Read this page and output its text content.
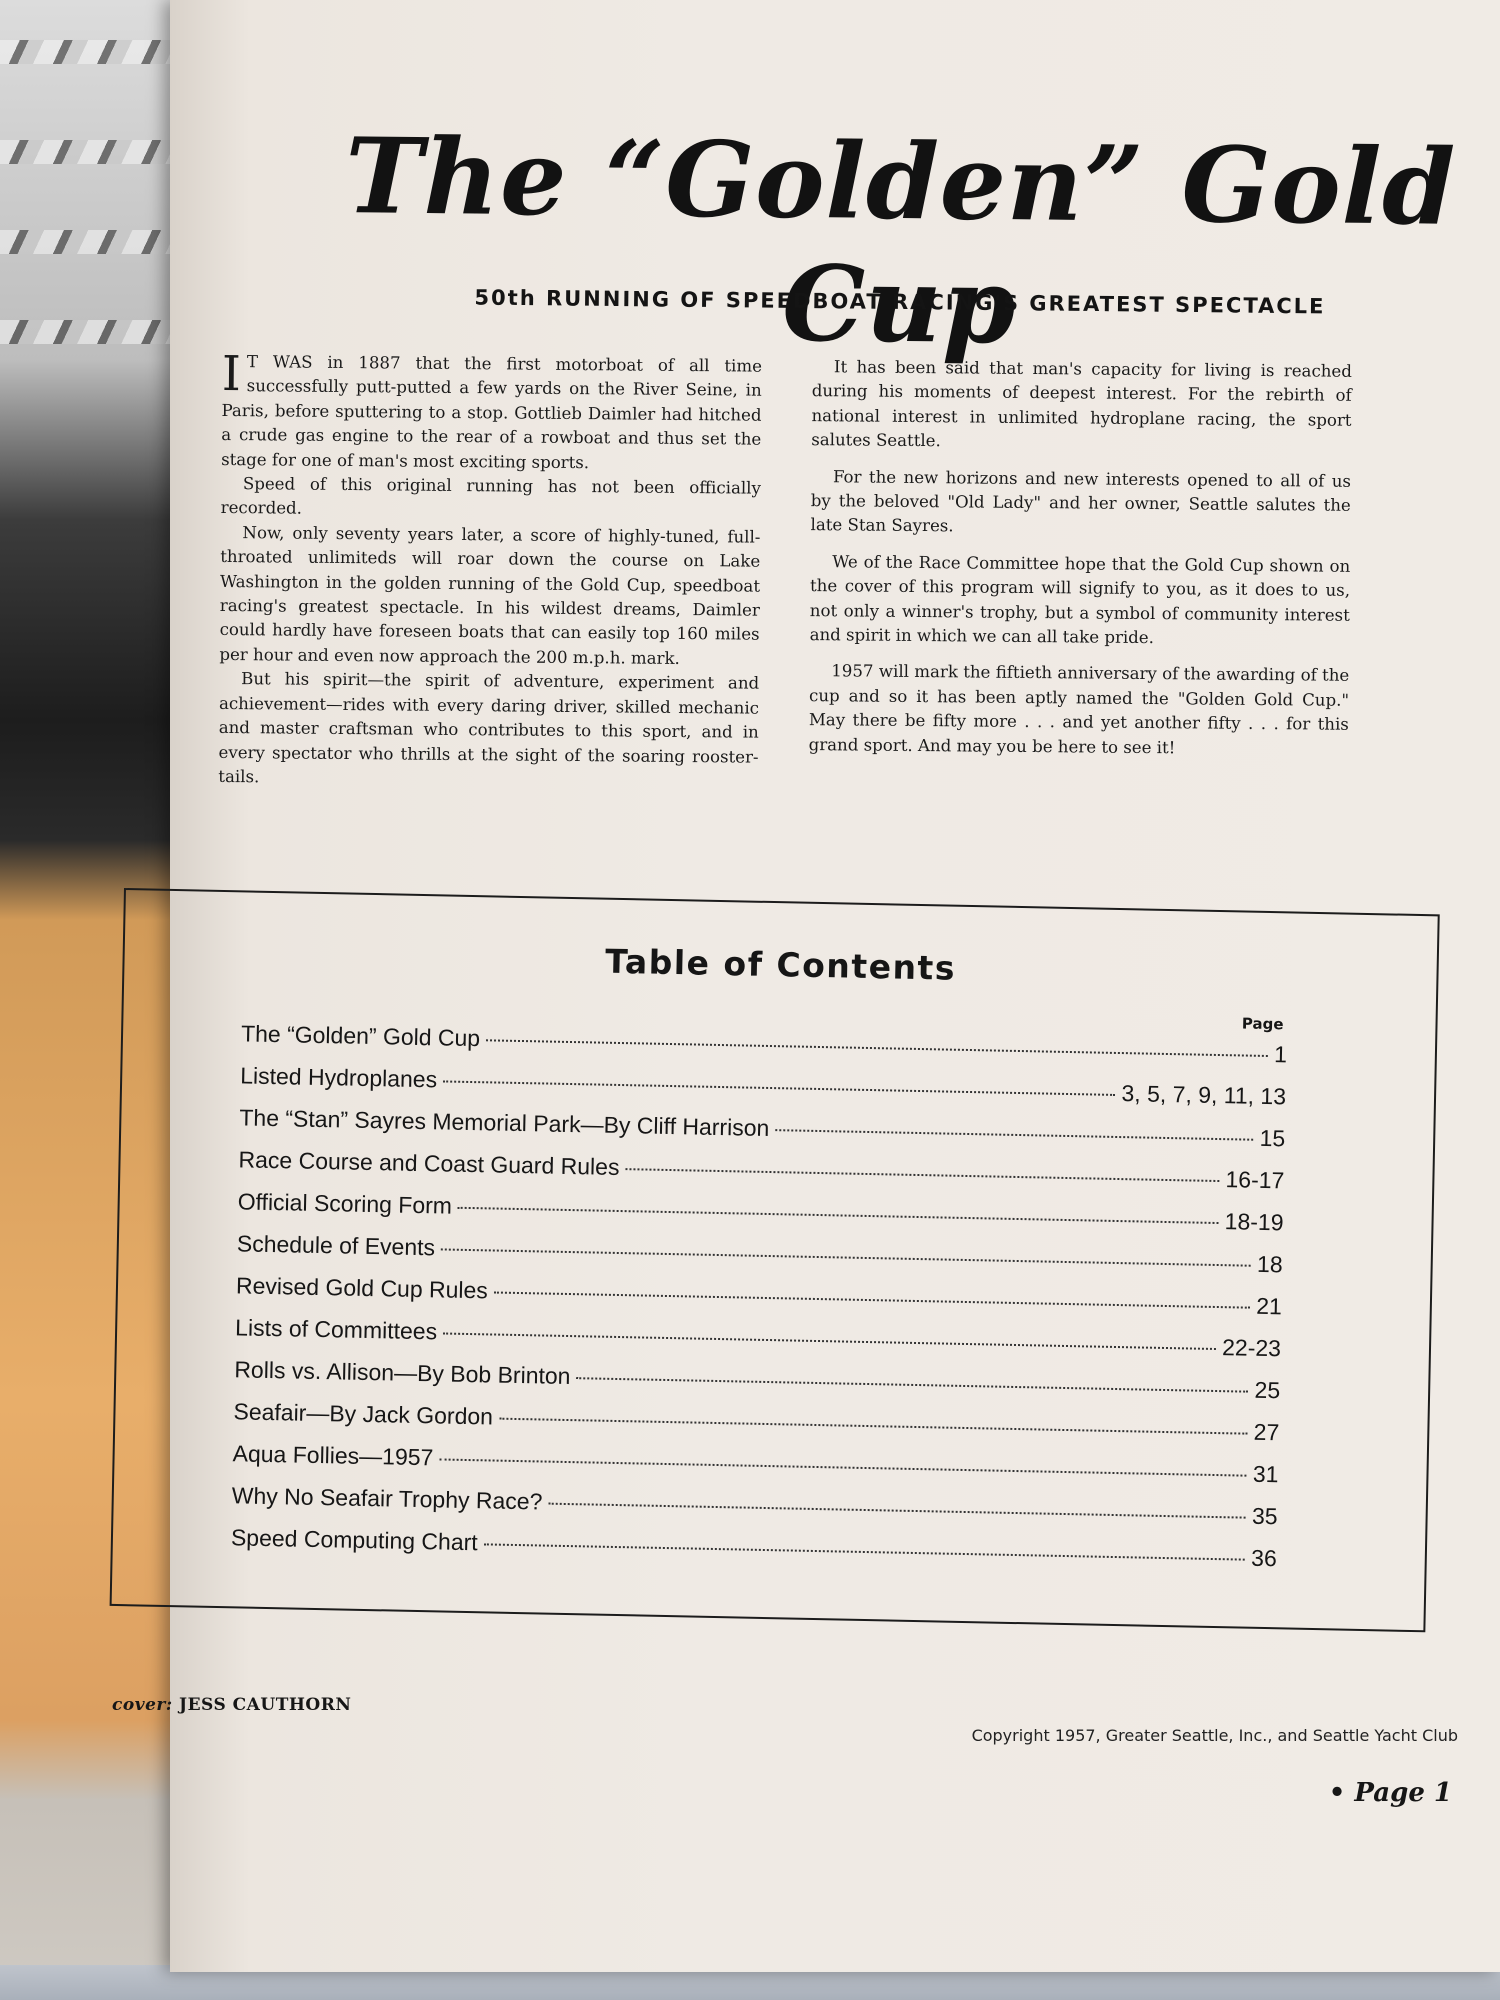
The “Golden” Gold Cup
50th RUNNING OF SPEEDBOAT RACING'S GREATEST SPECTACLE

I T WAS in 1887 that the first motorboat of all time successfully putt-putted a few yards on the River Seine, in Paris, before sputtering to a stop. Gottlieb Daimler had hitched a crude gas engine to the rear of a rowboat and thus set the stage for one of man's most exciting sports.

Speed of this original running has not been officially recorded.

Now, only seventy years later, a score of highly-tuned, full-throated unlimiteds will roar down the course on Lake Washington in the golden running of the Gold Cup, speedboat racing's greatest spectacle. In his wildest dreams, Daimler could hardly have foreseen boats that can easily top 160 miles per hour and even now approach the 200 m.p.h. mark.

But his spirit—the spirit of adventure, experiment and achievement—rides with every daring driver, skilled mechanic and master craftsman who contributes to this sport, and in every spectator who thrills at the sight of the soaring rooster-tails.

It has been said that man's capacity for living is reached during his moments of deepest interest. For the rebirth of national interest in unlimited hydroplane racing, the sport salutes Seattle.

For the new horizons and new interests opened to all of us by the beloved "Old Lady" and her owner, Seattle salutes the late Stan Sayres.

We of the Race Committee hope that the Gold Cup shown on the cover of this program will signify to you, as it does to us, not only a winner's trophy, but a symbol of community interest and spirit in which we can all take pride.

1957 will mark the fiftieth anniversary of the awarding of the cup and so it has been aptly named the "Golden Gold Cup." May there be fifty more . . . and yet another fifty . . . for this grand sport. And may you be here to see it!

Table of Contents
Page
The “Golden” Gold Cup
1
Listed Hydroplanes
3, 5, 7, 9, 11, 13
The “Stan” Sayres Memorial Park—By Cliff Harrison	15
Race Course and Coast Guard Rules	16-17
Official Scoring Form
18-19
Schedule of Events
18
Revised Gold Cup Rules
21
Lists of Committees
22-23
Rolls vs. Allison—By Bob Brinton
25
Seafair—By Jack Gordon
27
Aqua Follies—1957
31
Why No Seafair Trophy Race?
35
Speed Computing Chart
36

cover: JESS CAUTHORN

Copyright 1957, Greater Seattle, Inc., and Seattle Yacht Club

• Page 1
